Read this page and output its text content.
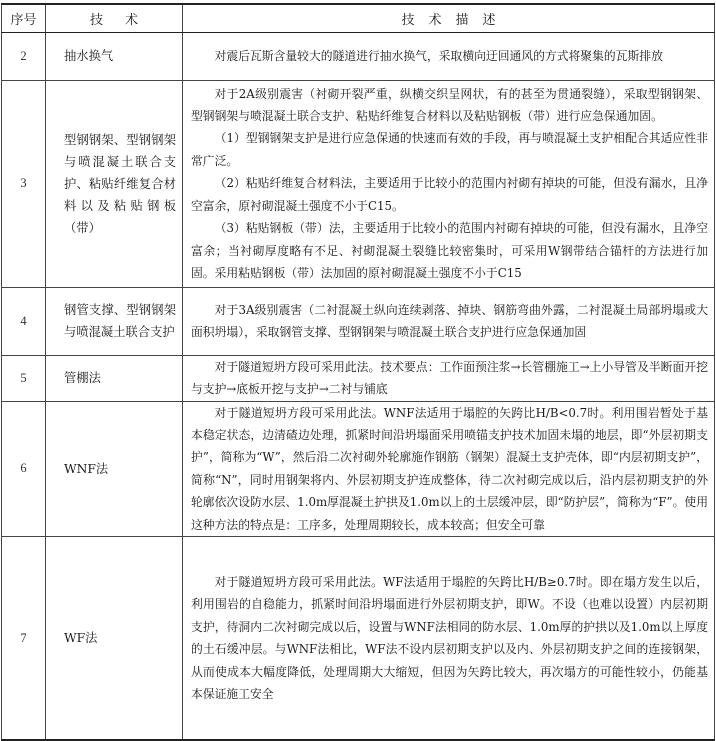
序号	技术	技术描述
2	抽水换气	对震后瓦斯含量较大的隧道进行抽水换气，采取横向迂回通风的方式将聚集的瓦斯排放

3	型钢钢架、型钢钢架与喷混凝土联合支护、粘贴纤维复合材料以及粘贴钢板（带）	对于2A级别震害（衬砌开裂严重，纵横交织呈网状，有的甚至为贯通裂缝），采取型钢钢架、型钢钢架与喷混凝土联合支护、粘贴纤维复合材料以及粘贴钢板（带）进行应急保通加固。

（1）型钢钢架支护是进行应急保通的快速而有效的手段，再与喷混凝土支护相配合其适应性非常广泛。

（2）粘贴纤维复合材料法，主要适用于比较小的范围内衬砌有掉块的可能，但没有漏水，且净空富余，原衬砌混凝土强度不小于C15。

（3）粘贴钢板（带）法，主要适用于比较小的范围内衬砌有掉块的可能，但没有漏水，且净空富余；当衬砌厚度略有不足、衬砌混凝土裂缝比较密集时，可采用W钢带结合锚杆的方法进行加固。采用粘贴钢板（带）法加固的原衬砌混凝土强度不小于C15

4	钢管支撑、型钢钢架与喷混凝土联合支护	对于3A级别震害（二衬混凝土纵向连续剥落、掉块、钢筋弯曲外露，二衬混凝土局部坍塌或大面积坍塌），采取钢管支撑、型钢钢架与喷混凝土联合支护进行应急保通加固

5	管棚法	对于隧道短坍方段可采用此法。技术要点：工作面预注浆→长管棚施工→上小导管及半断面开挖与支护→底板开挖与支护→二衬与铺底

6	WNF法	对于隧道短坍方段可采用此法。WNF法适用于塌腔的矢跨比H/B<0.7时。利用围岩暂处于基本稳定状态，边清碴边处理，抓紧时间沿坍塌面采用喷锚支护技术加固未塌的地层，即“外层初期支护”，简称为“W”，然后沿二次衬砌外轮廓施作钢筋（钢架）混凝土支护壳体，即“内层初期支护”，简称“N”，同时用钢架将内、外层初期支护连成整体，待二次衬砌完成以后，沿内层初期支护的外轮廓依次设防水层、1.0m厚混凝土护拱及1.0m以上的土层缓冲层，即“防护层”，简称为“F”。使用这种方法的特点是：工序多，处理周期较长，成本较高；但安全可靠

7	WF法	对于隧道短坍方段可采用此法。WF法适用于塌腔的矢跨比H/B≥0.7时。即在塌方发生以后，利用围岩的自稳能力，抓紧时间沿坍塌面进行外层初期支护，即W。不设（也难以设置）内层初期支护，待洞内二次衬砌完成以后，设置与WNF法相同的防水层、1.0m厚的护拱以及1.0m以上厚度的土石缓冲层。与WNF法相比，WF法不设内层初期支护以及内、外层初期支护之间的连接钢架，从而使成本大幅度降低，处理周期大大缩短，但因为矢跨比较大，再次塌方的可能性较小，仍能基本保证施工安全
